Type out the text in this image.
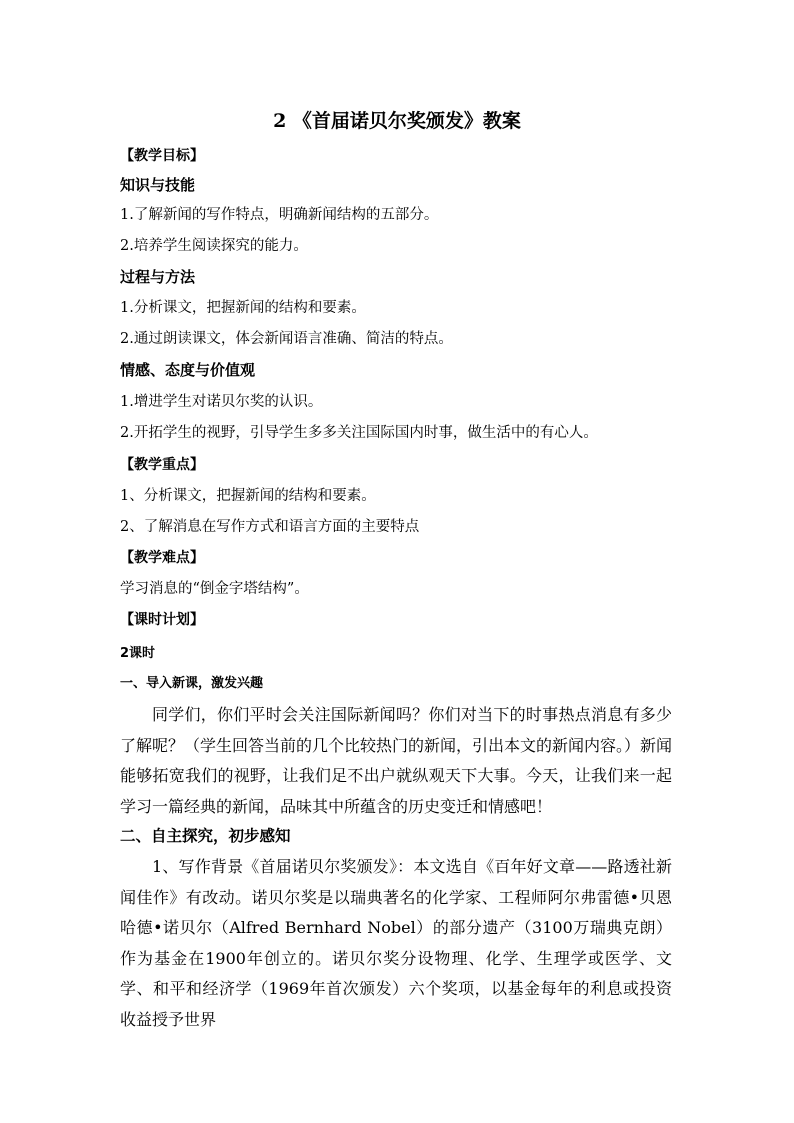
2 《首届诺贝尔奖颁发》教案
【教学目标】
知识与技能
1.了解新闻的写作特点，明确新闻结构的五部分。
2.培养学生阅读探究的能力。
过程与方法
1.分析课文，把握新闻的结构和要素。
2.通过朗读课文，体会新闻语言准确、简洁的特点。
情感、态度与价值观
1.增进学生对诺贝尔奖的认识。
2.开拓学生的视野，引导学生多多关注国际国内时事，做生活中的有心人。
【教学重点】
1、分析课文，把握新闻的结构和要素。
2、了解消息在写作方式和语言方面的主要特点
【教学难点】
学习消息的“倒金字塔结构”。
【课时计划】
2课时
一、导入新课，激发兴趣
同学们，你们平时会关注国际新闻吗？你们对当下的时事热点消息有多少了解呢？（学生回答当前的几个比较热门的新闻，引出本文的新闻内容。）新闻能够拓宽我们的视野，让我们足不出户就纵观天下大事。今天，让我们来一起学习一篇经典的新闻，品味其中所蕴含的历史变迁和情感吧！
二、自主探究，初步感知
1、写作背景《首届诺贝尔奖颁发》：本文选自《百年好文章——路透社新闻佳作》有改动。诺贝尔奖是以瑞典著名的化学家、工程师阿尔弗雷德•贝恩哈德•诺贝尔（Alfred Bernhard Nobel）的部分遗产（3100万瑞典克朗）作为基金在1900年创立的。诺贝尔奖分设物理、化学、生理学或医学、文学、和平和经济学（1969年首次颁发）六个奖项，以基金每年的利息或投资收益授予世界
